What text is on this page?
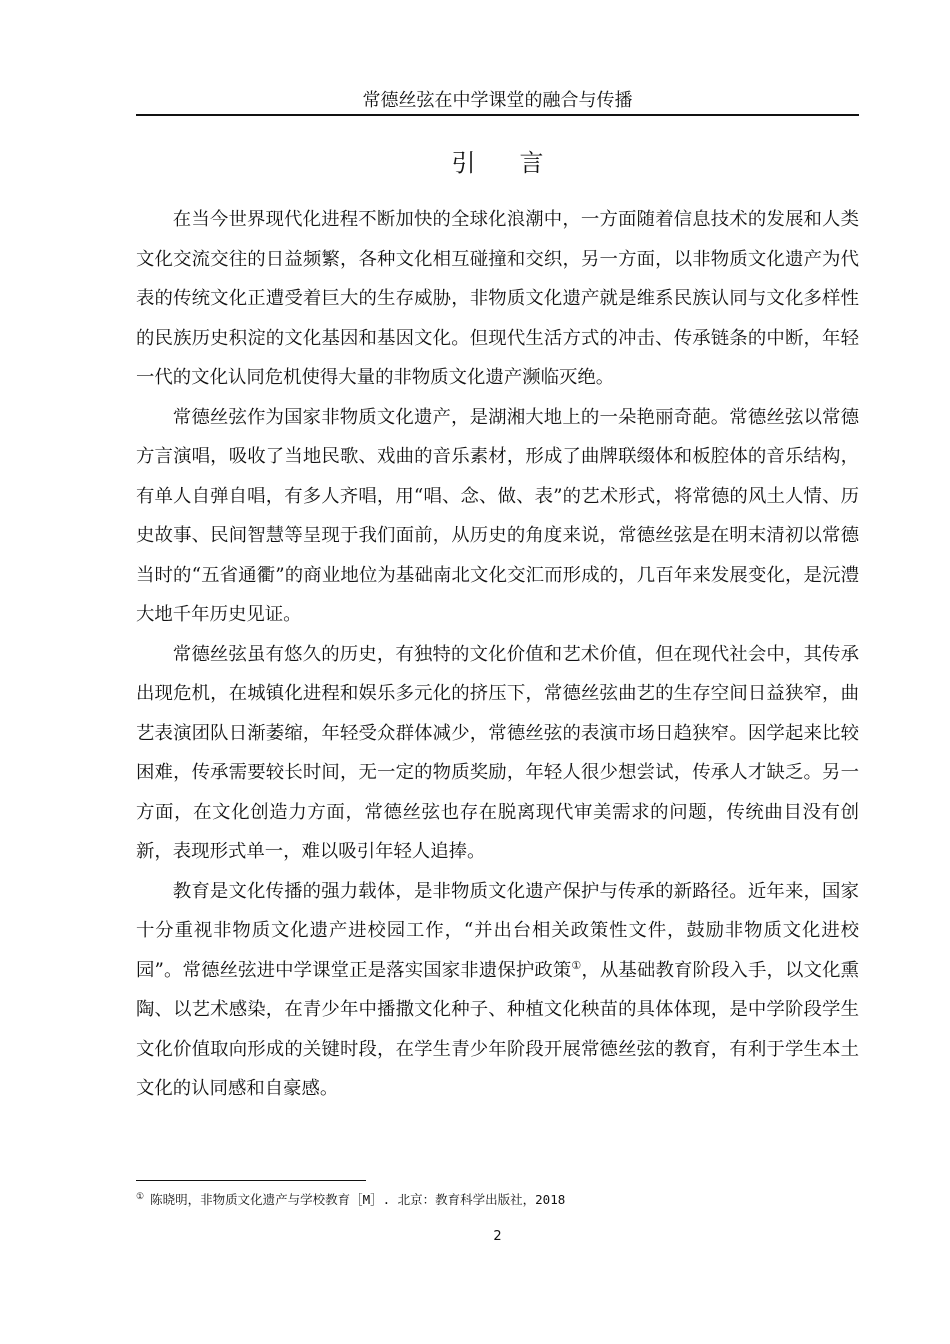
常德丝弦在中学课堂的融合与传播
引言

在当今世界现代化进程不断加快的全球化浪潮中，一方面随着信息技术的发展和人类文化交流交往的日益频繁，各种文化相互碰撞和交织，另一方面，以非物质文化遗产为代表的传统文化正遭受着巨大的生存威胁，非物质文化遗产就是维系民族认同与文化多样性的民族历史积淀的文化基因和基因文化。但现代生活方式的冲击、传承链条的中断，年轻一代的文化认同危机使得大量的非物质文化遗产濒临灭绝。

常德丝弦作为国家非物质文化遗产，是湖湘大地上的一朵艳丽奇葩。常德丝弦以常德方言演唱，吸收了当地民歌、戏曲的音乐素材，形成了曲牌联缀体和板腔体的音乐结构，有单人自弹自唱，有多人齐唱，用“唱、念、做、表”的艺术形式，将常德的风土人情、历史故事、民间智慧等呈现于我们面前，从历史的角度来说，常德丝弦是在明末清初以常德当时的“五省通衢”的商业地位为基础南北文化交汇而形成的，几百年来发展变化，是沅澧大地千年历史见证。

常德丝弦虽有悠久的历史，有独特的文化价值和艺术价值，但在现代社会中，其传承出现危机，在城镇化进程和娱乐多元化的挤压下，常德丝弦曲艺的生存空间日益狭窄，曲艺表演团队日渐萎缩，年轻受众群体减少，常德丝弦的表演市场日趋狭窄。因学起来比较困难，传承需要较长时间，无一定的物质奖励，年轻人很少想尝试，传承人才缺乏。另一方面，在文化创造力方面，常德丝弦也存在脱离现代审美需求的问题，传统曲目没有创新，表现形式单一，难以吸引年轻人追捧。

教育是文化传播的强力载体，是非物质文化遗产保护与传承的新路径。近年来，国家十分重视非物质文化遗产进校园工作，“并出台相关政策性文件，鼓励非物质文化进校园”。常德丝弦进中学课堂正是落实国家非遗保护政策①，从基础教育阶段入手，以文化熏陶、以艺术感染，在青少年中播撒文化种子、种植文化秧苗的具体体现，是中学阶段学生文化价值取向形成的关键时段，在学生青少年阶段开展常德丝弦的教育，有利于学生本土文化的认同感和自豪感。

① 陈晓明，非物质文化遗产与学校教育［M］. 北京：教育科学出版社，2018
2
